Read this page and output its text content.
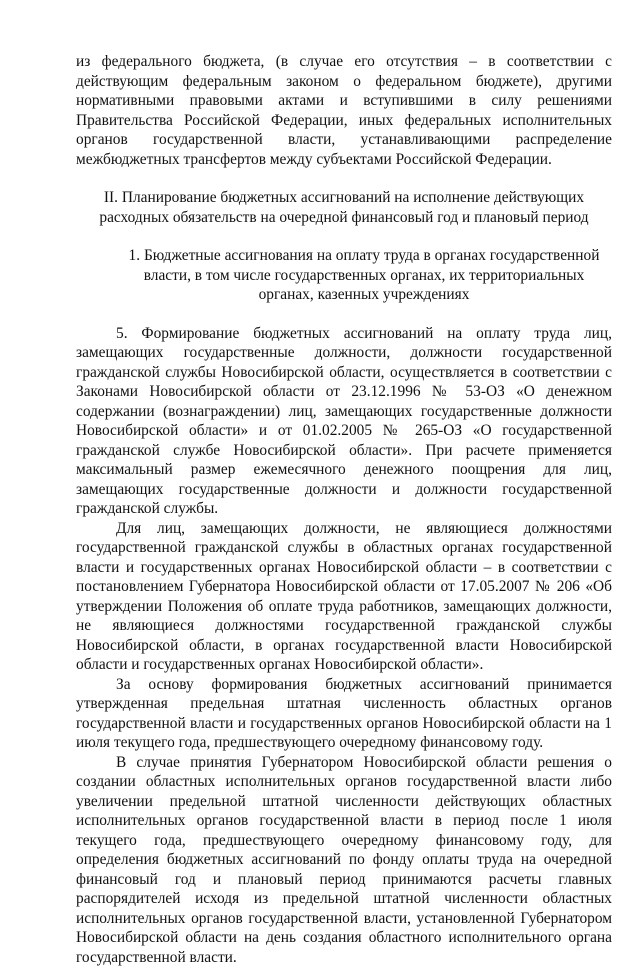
из федерального бюджета, (в случае его отсутствия – в соответствии с действующим федеральным законом о федеральном бюджете), другими нормативными правовыми актами и вступившими в силу решениями Правительства Российской Федерации, иных федеральных исполнительных органов государственной власти, устанавливающими распределение межбюджетных трансфертов между субъектами Российской Федерации.

II. Планирование бюджетных ассигнований на исполнение действующих расходных обязательств на очередной финансовый год и плановый период

1. Бюджетные ассигнования на оплату труда в органах государственной власти, в том числе государственных органах, их территориальных органах, казенных учреждениях

5. Формирование бюджетных ассигнований на оплату труда лиц, замещающих государственные должности, должности государственной гражданской службы Новосибирской области, осуществляется в соответствии с Законами Новосибирской области от 23.12.1996 № 53-ОЗ «О денежном содержании (вознаграждении) лиц, замещающих государственные должности Новосибирской области» и от 01.02.2005 № 265-ОЗ «О государственной гражданской службе Новосибирской области». При расчете применяется максимальный размер ежемесячного денежного поощрения для лиц, замещающих государственные должности и должности государственной гражданской службы.

Для лиц, замещающих должности, не являющиеся должностями государственной гражданской службы в областных органах государственной власти и государственных органах Новосибирской области – в соответствии с постановлением Губернатора Новосибирской области от 17.05.2007 № 206 «Об утверждении Положения об оплате труда работников, замещающих должности, не являющиеся должностями государственной гражданской службы Новосибирской области, в органах государственной власти Новосибирской области и государственных органах Новосибирской области».

За основу формирования бюджетных ассигнований принимается утвержденная предельная штатная численность областных органов государственной власти и государственных органов Новосибирской области на 1 июля текущего года, предшествующего очередному финансовому году.

В случае принятия Губернатором Новосибирской области решения о создании областных исполнительных органов государственной власти либо увеличении предельной штатной численности действующих областных исполнительных органов государственной власти в период после 1 июля текущего года, предшествующего очередному финансовому году, для определения бюджетных ассигнований по фонду оплаты труда на очередной финансовый год и плановый период принимаются расчеты главных распорядителей исходя из предельной штатной численности областных исполнительных органов государственной власти, установленной Губернатором Новосибирской области на день создания областного исполнительного органа государственной власти.
